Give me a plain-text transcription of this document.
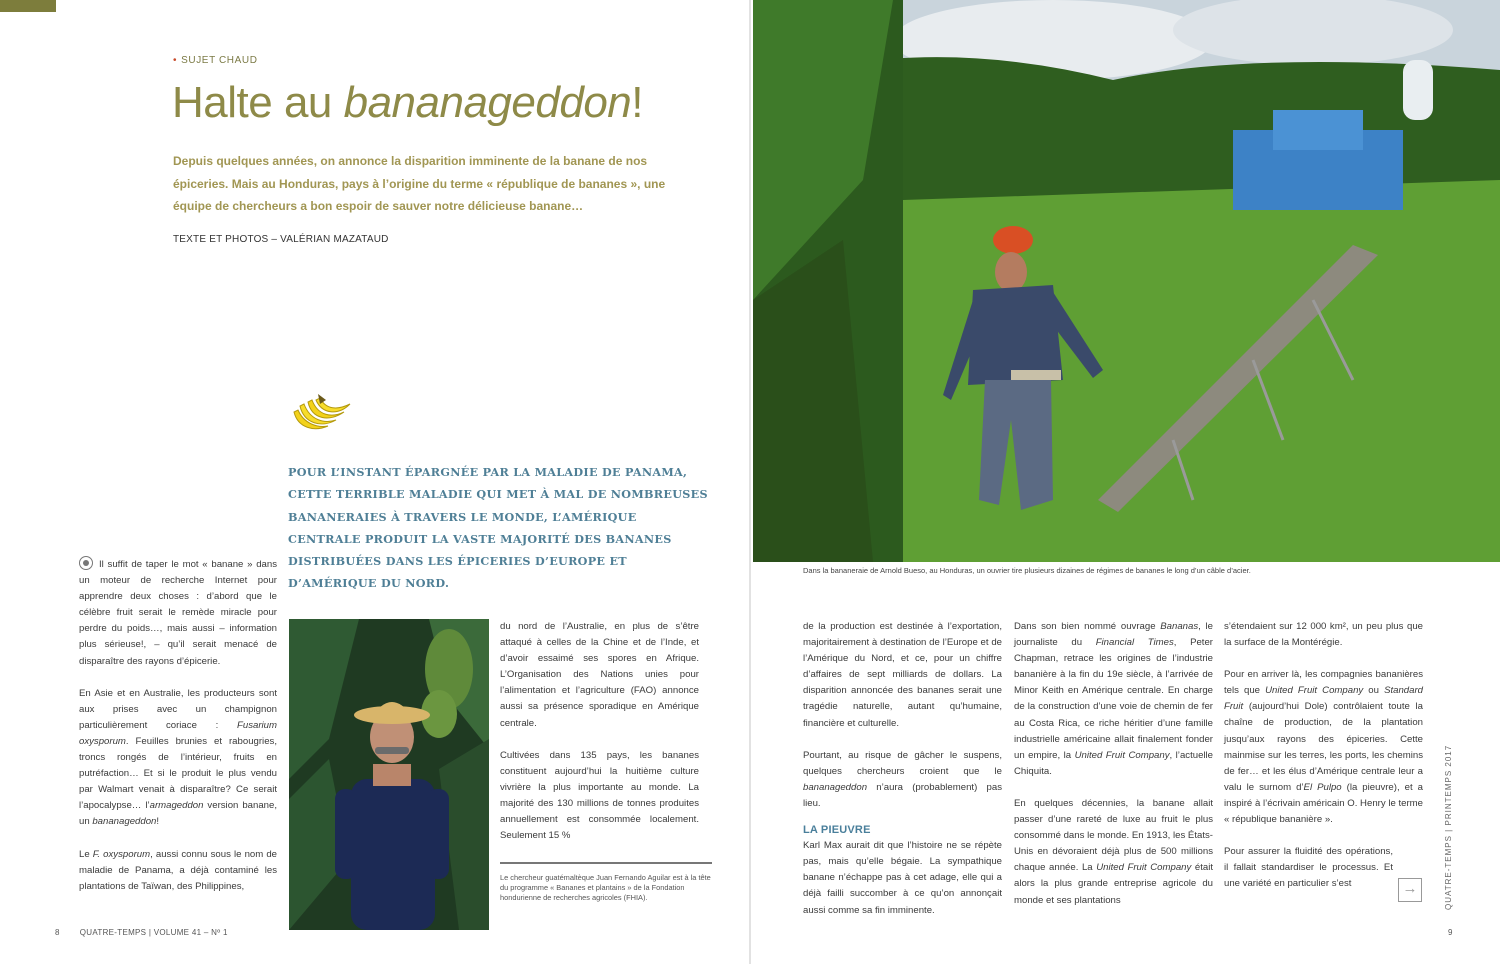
• SUJET CHAUD
Halte au bananageddon!
Depuis quelques années, on annonce la disparition imminente de la banane de nos épiceries. Mais au Honduras, pays à l’origine du terme « république de bananes », une équipe de chercheurs a bon espoir de sauver notre délicieuse banane…
TEXTE ET PHOTOS – VALÉRIAN MAZATAUD
POUR L’INSTANT ÉPARGNÉE PAR LA MALADIE DE PANAMA, CETTE TERRIBLE MALADIE QUI MET À MAL DE NOMBREUSES BANANERAIES À TRAVERS LE MONDE, L’AMÉRIQUE CENTRALE PRODUIT LA VASTE MAJORITÉ DES BANANES DISTRIBUÉES DANS LES ÉPICERIES D’EUROPE ET D’AMÉRIQUE DU NORD.

Il suffit de taper le mot « banane » dans un moteur de recherche Internet pour apprendre deux choses : d’abord que le célèbre fruit serait le remède miracle pour perdre du poids…, mais aussi – information plus sérieuse!, – qu’il serait menacé de disparaître des rayons d’épicerie.

En Asie et en Australie, les producteurs sont aux prises avec un champignon particulièrement coriace : Fusarium oxysporum. Feuilles brunies et rabougries, troncs rongés de l’intérieur, fruits en putréfaction… Et si le produit le plus vendu par Walmart venait à disparaître? Ce serait l’apocalypse… l’armageddon version banane, un bananageddon!

Le F. oxysporum, aussi connu sous le nom de maladie de Panama, a déjà contaminé les plantations de Taïwan, des Philippines,

du nord de l’Australie, en plus de s’être attaqué à celles de la Chine et de l’Inde, et d’avoir essaimé ses spores en Afrique. L’Organisation des Nations unies pour l’alimentation et l’agriculture (FAO) annonce aussi sa présence sporadique en Amérique centrale.

Cultivées dans 135 pays, les bananes constituent aujourd’hui la huitième culture vivrière la plus importante au monde. La majorité des 130 millions de tonnes produites annuellement est consommée localement. Seulement 15 %

Le chercheur guatémaltèque Juan Fernando Aguilar est à la tête du programme « Bananes et plantains » de la Fondation hondurienne de recherches agricoles (FHIA).
8	QUATRE-TEMPS | VOLUME 41 – Nº 1
Dans la bananeraie de Arnold Bueso, au Honduras, un ouvrier tire plusieurs dizaines de régimes de bananes le long d’un câble d’acier.

de la production est destinée à l’exportation, majoritairement à destination de l’Europe et de l’Amérique du Nord, et ce, pour un chiffre d’affaires de sept milliards de dollars. La disparition annoncée des bananes serait une tragédie naturelle, autant qu’humaine, financière et culturelle.

Pourtant, au risque de gâcher le suspens, quelques chercheurs croient que le bananageddon n’aura (probablement) pas lieu.

LA PIEUVRE

Karl Max aurait dit que l’histoire ne se répète pas, mais qu’elle bégaie. La sympathique banane n’échappe pas à cet adage, elle qui a déjà failli succomber à ce qu’on annonçait aussi comme sa fin imminente.

Dans son bien nommé ouvrage Bananas, le journaliste du Financial Times, Peter Chapman, retrace les origines de l’industrie bananière à la fin du 19e siècle, à l’arrivée de Minor Keith en Amérique centrale. En charge de la construction d’une voie de chemin de fer au Costa Rica, ce riche héritier d’une famille industrielle américaine allait finalement fonder un empire, la United Fruit Company, l’actuelle Chiquita.

En quelques décennies, la banane allait passer d’une rareté de luxe au fruit le plus consommé dans le monde. En 1913, les États-Unis en dévoraient déjà plus de 500 millions chaque année. La United Fruit Company était alors la plus grande entreprise agricole du monde et ses plantations

s’étendaient sur 12 000 km², un peu plus que la surface de la Montérégie.

Pour en arriver là, les compagnies bananières tels que United Fruit Company ou Standard Fruit (aujourd’hui Dole) contrôlaient toute la chaîne de production, de la plantation jusqu’aux rayons des épiceries. Cette mainmise sur les terres, les ports, les chemins de fer… et les élus d’Amérique centrale leur a valu le surnom d’El Pulpo (la pieuvre), et a inspiré à l’écrivain américain O. Henry le terme « république bananière ».

Pour assurer la fluidité des opérations, il fallait standardiser le processus. Et une variété en particulier s’est	QUATRE-TEMPS | PRINTEMPS 2017
→
9
